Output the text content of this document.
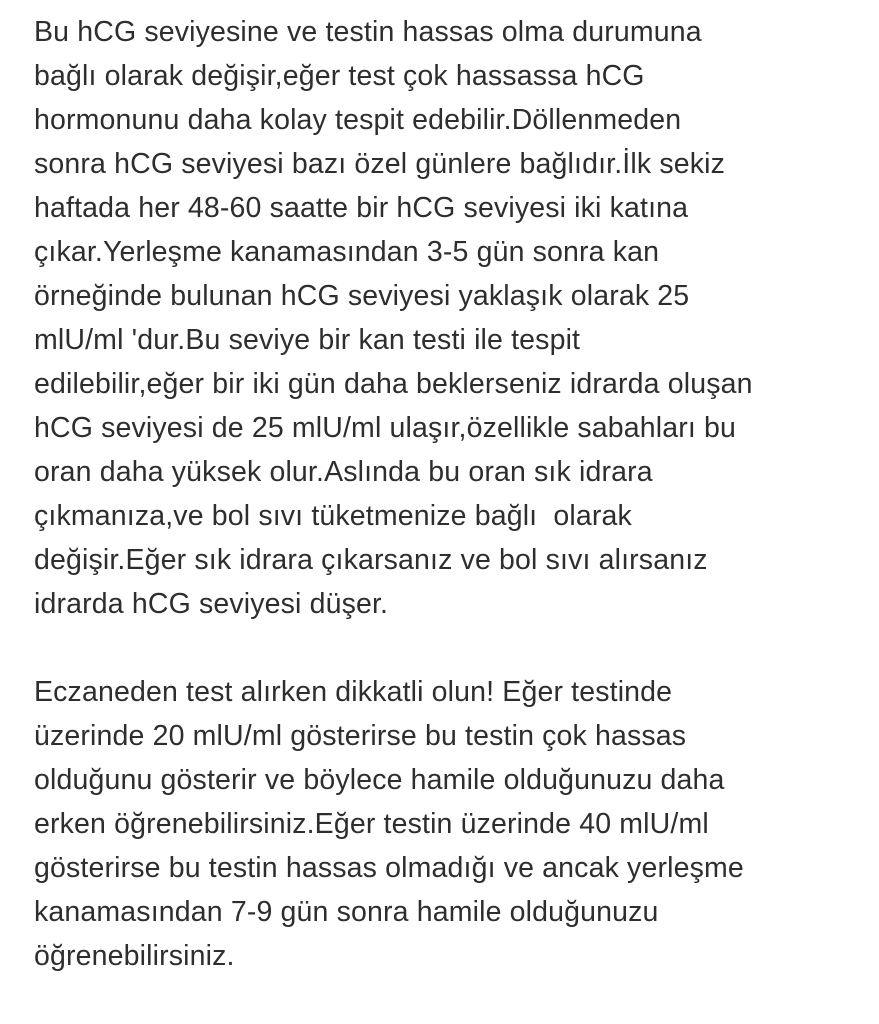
Bu hCG seviyesine ve testin hassas olma durumuna
bağlı olarak değişir,eğer test çok hassassa hCG
hormonunu daha kolay tespit edebilir.Döllenmeden
sonra hCG seviyesi bazı özel günlere bağlıdır.İlk sekiz
haftada her 48-60 saatte bir hCG seviyesi iki katına
çıkar.Yerleşme kanamasından 3-5 gün sonra kan
örneğinde bulunan hCG seviyesi yaklaşık olarak 25
mlU/ml 'dur.Bu seviye bir kan testi ile tespit
edilebilir,eğer bir iki gün daha beklerseniz idrarda oluşan
hCG seviyesi de 25 mlU/ml ulaşır,özellikle sabahları bu
oran daha yüksek olur.Aslında bu oran sık idrara
çıkmanıza,ve bol sıvı tüketmenize bağlı  olarak
değişir.Eğer sık idrara çıkarsanız ve bol sıvı alırsanız
idrarda hCG seviyesi düşer.

Eczaneden test alırken dikkatli olun! Eğer testinde
üzerinde 20 mlU/ml gösterirse bu testin çok hassas
olduğunu gösterir ve böylece hamile olduğunuzu daha
erken öğrenebilirsiniz.Eğer testin üzerinde 40 mlU/ml
gösterirse bu testin hassas olmadığı ve ancak yerleşme
kanamasından 7-9 gün sonra hamile olduğunuzu
öğrenebilirsiniz.
